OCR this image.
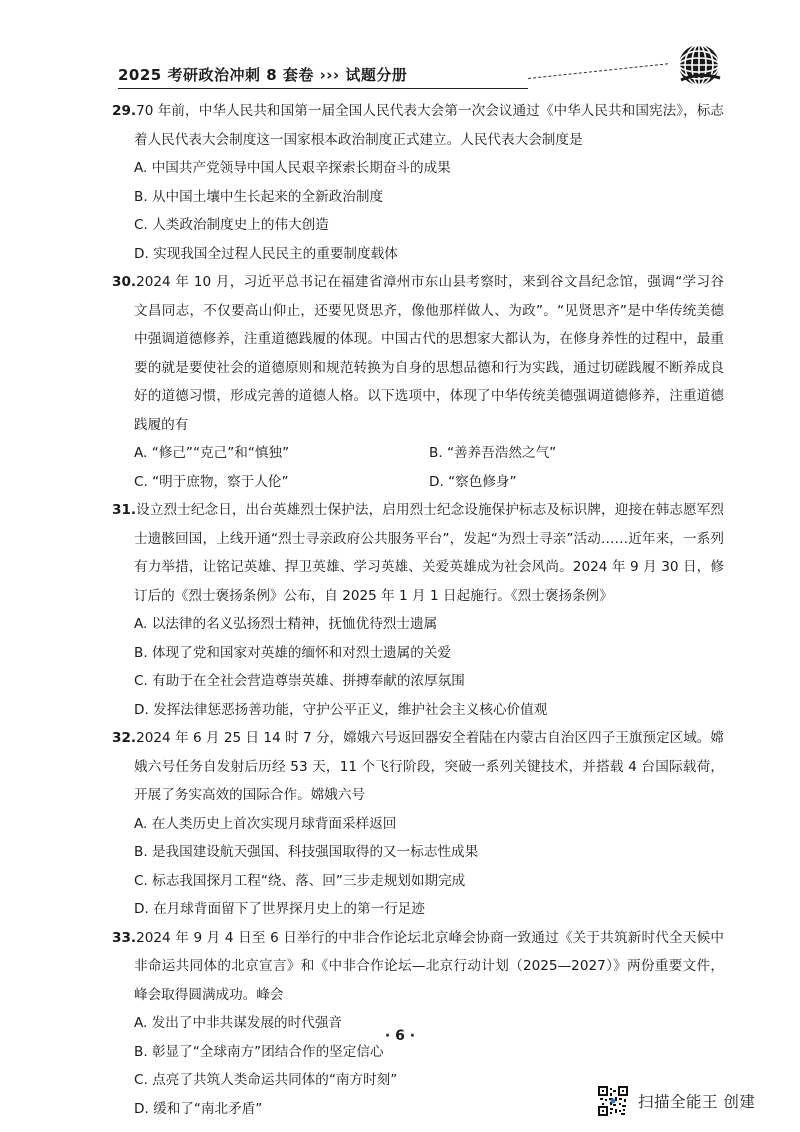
2025 考研政治冲刺 8 套卷 ››› 试题分册

29.70 年前，中华人民共和国第一届全国人民代表大会第一次会议通过《中华人民共和国宪法》，标志着人民代表大会制度这一国家根本政治制度正式建立。人民代表大会制度是

A. 中国共产党领导中国人民艰辛探索长期奋斗的成果

B. 从中国土壤中生长起来的全新政治制度

C. 人类政治制度史上的伟大创造

D. 实现我国全过程人民民主的重要制度载体

30.2024 年 10 月，习近平总书记在福建省漳州市东山县考察时，来到谷文昌纪念馆，强调“学习谷文昌同志，不仅要高山仰止，还要见贤思齐，像他那样做人、为政”。“见贤思齐”是中华传统美德中强调道德修养，注重道德践履的体现。中国古代的思想家大都认为，在修身养性的过程中，最重要的就是要使社会的道德原则和规范转换为自身的思想品德和行为实践，通过切磋践履不断养成良好的道德习惯，形成完善的道德人格。以下选项中，体现了中华传统美德强调道德修养，注重道德践履的有

A. “修己”“克己”和“慎独”	B. “善养吾浩然之气”
C. “明于庶物，察于人伦”	D. “察色修身”

31.设立烈士纪念日，出台英雄烈士保护法，启用烈士纪念设施保护标志及标识牌，迎接在韩志愿军烈士遗骸回国，上线开通“烈士寻亲政府公共服务平台”，发起“为烈士寻亲”活动……近年来，一系列有力举措，让铭记英雄、捍卫英雄、学习英雄、关爱英雄成为社会风尚。2024 年 9 月 30 日，修订后的《烈士褒扬条例》公布，自 2025 年 1 月 1 日起施行。《烈士褒扬条例》

A. 以法律的名义弘扬烈士精神，抚恤优待烈士遗属

B. 体现了党和国家对英雄的缅怀和对烈士遗属的关爱

C. 有助于在全社会营造尊崇英雄、拼搏奉献的浓厚氛围

D. 发挥法律惩恶扬善功能，守护公平正义，维护社会主义核心价值观

32.2024 年 6 月 25 日 14 时 7 分，嫦娥六号返回器安全着陆在内蒙古自治区四子王旗预定区域。嫦娥六号任务自发射后历经 53 天，11 个飞行阶段，突破一系列关键技术，并搭载 4 台国际载荷，开展了务实高效的国际合作。嫦娥六号

A. 在人类历史上首次实现月球背面采样返回

B. 是我国建设航天强国、科技强国取得的又一标志性成果

C. 标志我国探月工程“绕、落、回”三步走规划如期完成

D. 在月球背面留下了世界探月史上的第一行足迹

33.2024 年 9 月 4 日至 6 日举行的中非合作论坛北京峰会协商一致通过《关于共筑新时代全天候中非命运共同体的北京宣言》和《中非合作论坛—北京行动计划（2025—2027）》两份重要文件，峰会取得圆满成功。峰会

A. 发出了中非共谋发展的时代强音

B. 彰显了“全球南方”团结合作的坚定信心

C. 点亮了共筑人类命运共同体的“南方时刻”

D. 缓和了“南北矛盾”

· 6 ·
扫描全能王 创建
